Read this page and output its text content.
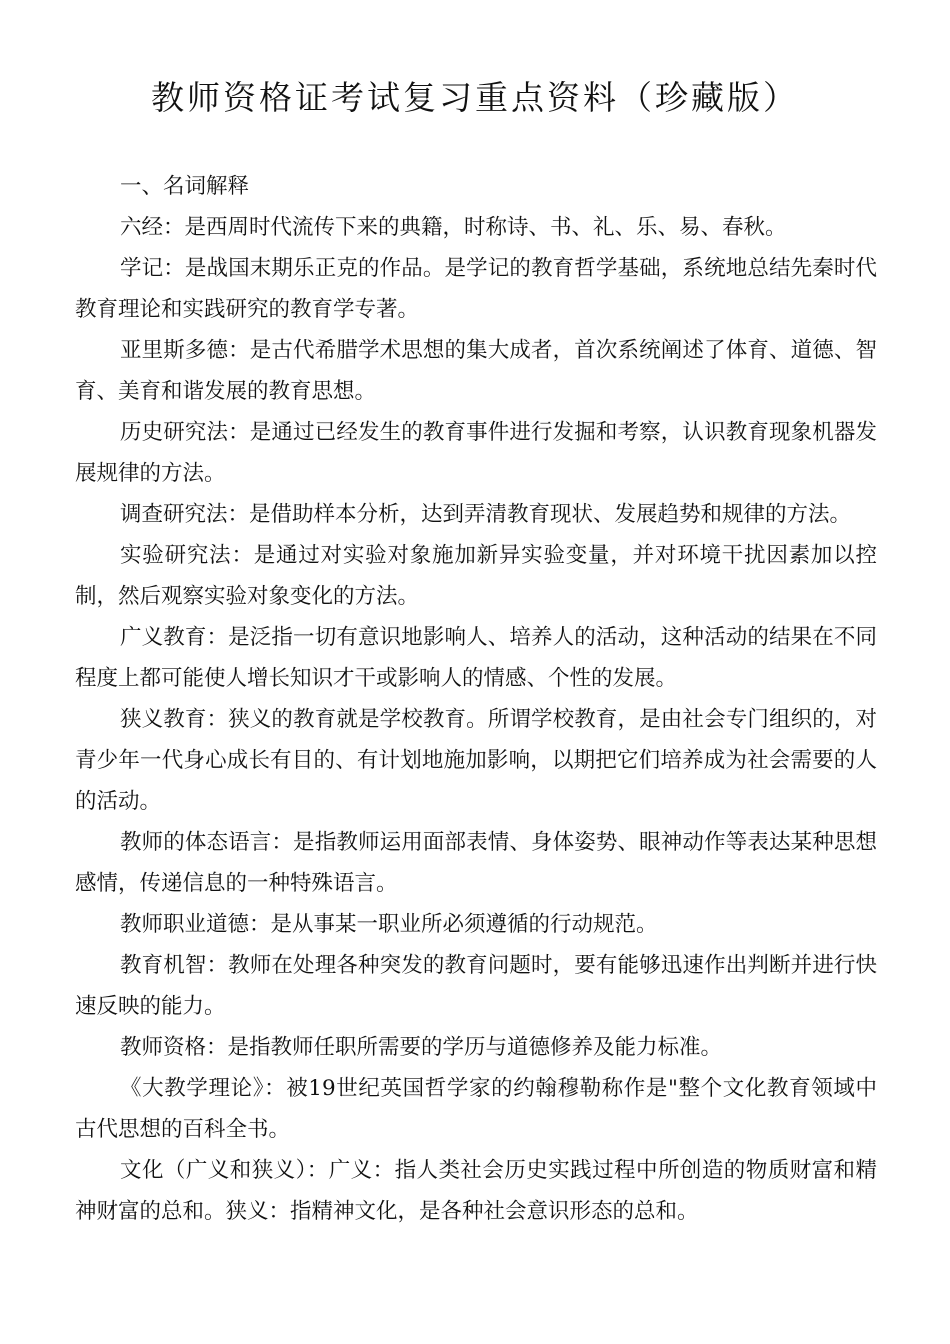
教师资格证考试复习重点资料（珍藏版）
一、名词解释

六经：是西周时代流传下来的典籍，时称诗、书、礼、乐、易、春秋。

学记：是战国末期乐正克的作品。是学记的教育哲学基础，系统地总结先秦时代教育理论和实践研究的教育学专著。

亚里斯多德：是古代希腊学术思想的集大成者，首次系统阐述了体育、道德、智育、美育和谐发展的教育思想。

历史研究法：是通过已经发生的教育事件进行发掘和考察，认识教育现象机器发展规律的方法。

调查研究法：是借助样本分析，达到弄清教育现状、发展趋势和规律的方法。

实验研究法：是通过对实验对象施加新异实验变量，并对环境干扰因素加以控制，然后观察实验对象变化的方法。

广义教育：是泛指一切有意识地影响人、培养人的活动，这种活动的结果在不同程度上都可能使人增长知识才干或影响人的情感、个性的发展。

狭义教育：狭义的教育就是学校教育。所谓学校教育，是由社会专门组织的，对青少年一代身心成长有目的、有计划地施加影响，以期把它们培养成为社会需要的人的活动。

教师的体态语言：是指教师运用面部表情、身体姿势、眼神动作等表达某种思想感情，传递信息的一种特殊语言。

教师职业道德：是从事某一职业所必须遵循的行动规范。

教育机智：教师在处理各种突发的教育问题时，要有能够迅速作出判断并进行快速反映的能力。

教师资格：是指教师任职所需要的学历与道德修养及能力标准。

《大教学理论》：被19世纪英国哲学家的约翰穆勒称作是"整个文化教育领域中古代思想的百科全书。

文化（广义和狭义）：广义：指人类社会历史实践过程中所创造的物质财富和精神财富的总和。狭义：指精神文化，是各种社会意识形态的总和。
